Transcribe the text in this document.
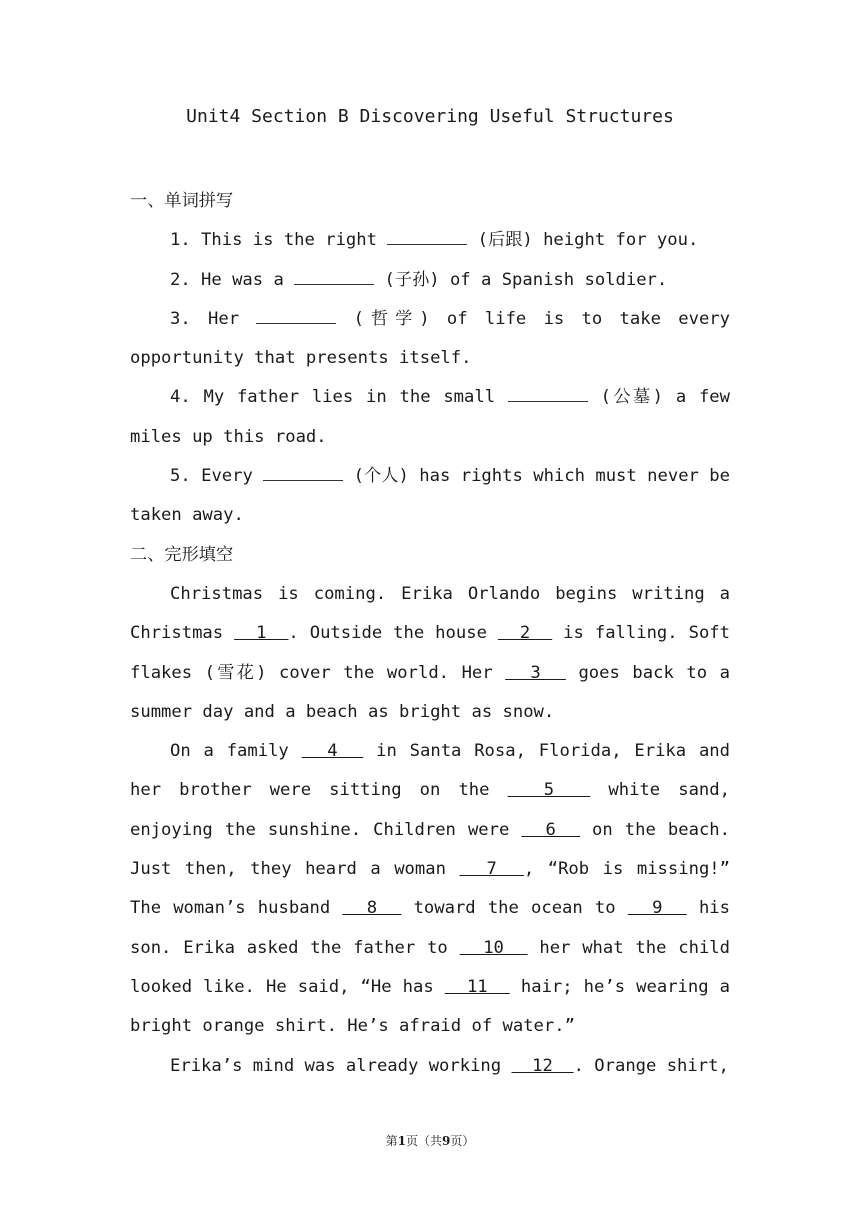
Unit4 Section B Discovering Useful Structures

一、单词拼写

1. This is the right	(后跟) height for you.

2. He was a	(子孙) of a Spanish soldier.

3. Her	(哲学) of life is to take every opportunity that presents itself.

4. My father lies in the small	(公墓) a few miles up this road.

5. Every	(个人) has rights which must never be taken away.

二、完形填空

Christmas is coming. Erika Orlando begins writing a Christmas   1  . Outside the house   2   is falling. Soft flakes (雪花) cover the world. Her   3   goes back to a summer day and a beach as bright as snow.

On a family   4   in Santa Rosa, Florida, Erika and her brother were sitting on the   5   white sand, enjoying the sunshine. Children were   6   on the beach. Just then, they heard a woman   7  , “Rob is missing!” The woman’s husband   8   toward the ocean to   9   his son. Erika asked the father to   10   her what the child looked like. He said, “He has   11   hair; he’s wearing a bright orange shirt. He’s afraid of water.”

Erika’s mind was already working   12  . Orange shirt,

第1页（共9页）
